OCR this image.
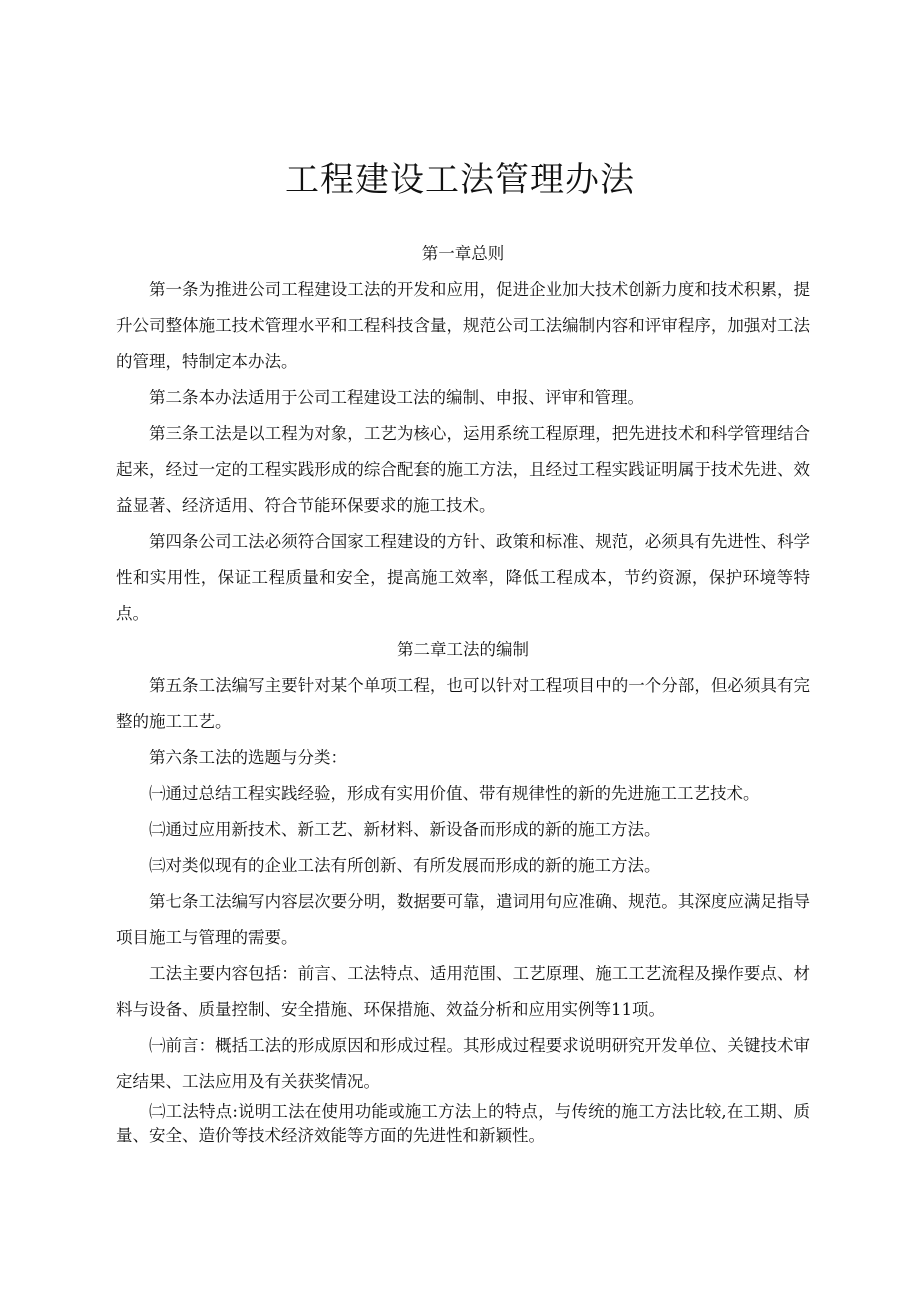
工程建设工法管理办法

第一章总则

第一条为推进公司工程建设工法的开发和应用，促进企业加大技术创新力度和技术积累，提升公司整体施工技术管理水平和工程科技含量，规范公司工法编制内容和评审程序，加强对工法的管理，特制定本办法。

第二条本办法适用于公司工程建设工法的编制、申报、评审和管理。

第三条工法是以工程为对象，工艺为核心，运用系统工程原理，把先进技术和科学管理结合起来，经过一定的工程实践形成的综合配套的施工方法，且经过工程实践证明属于技术先进、效益显著、经济适用、符合节能环保要求的施工技术。

第四条公司工法必须符合国家工程建设的方针、政策和标准、规范，必须具有先进性、科学性和实用性，保证工程质量和安全，提高施工效率，降低工程成本，节约资源，保护环境等特点。

第二章工法的编制

第五条工法编写主要针对某个单项工程，也可以针对工程项目中的一个分部，但必须具有完整的施工工艺。

第六条工法的选题与分类：

㈠通过总结工程实践经验，形成有实用价值、带有规律性的新的先进施工工艺技术。

㈡通过应用新技术、新工艺、新材料、新设备而形成的新的施工方法。

㈢对类似现有的企业工法有所创新、有所发展而形成的新的施工方法。

第七条工法编写内容层次要分明，数据要可靠，遣词用句应准确、规范。其深度应满足指导项目施工与管理的需要。

工法主要内容包括：前言、工法特点、适用范围、工艺原理、施工工艺流程及操作要点、材料与设备、质量控制、安全措施、环保措施、效益分析和应用实例等11项。

㈠前言：概括工法的形成原因和形成过程。其形成过程要求说明研究开发单位、关键技术审定结果、工法应用及有关获奖情况。

㈡工法特点:说明工法在使用功能或施工方法上的特点，与传统的施工方法比较,在工期、质量、安全、造价等技术经济效能等方面的先进性和新颖性。
